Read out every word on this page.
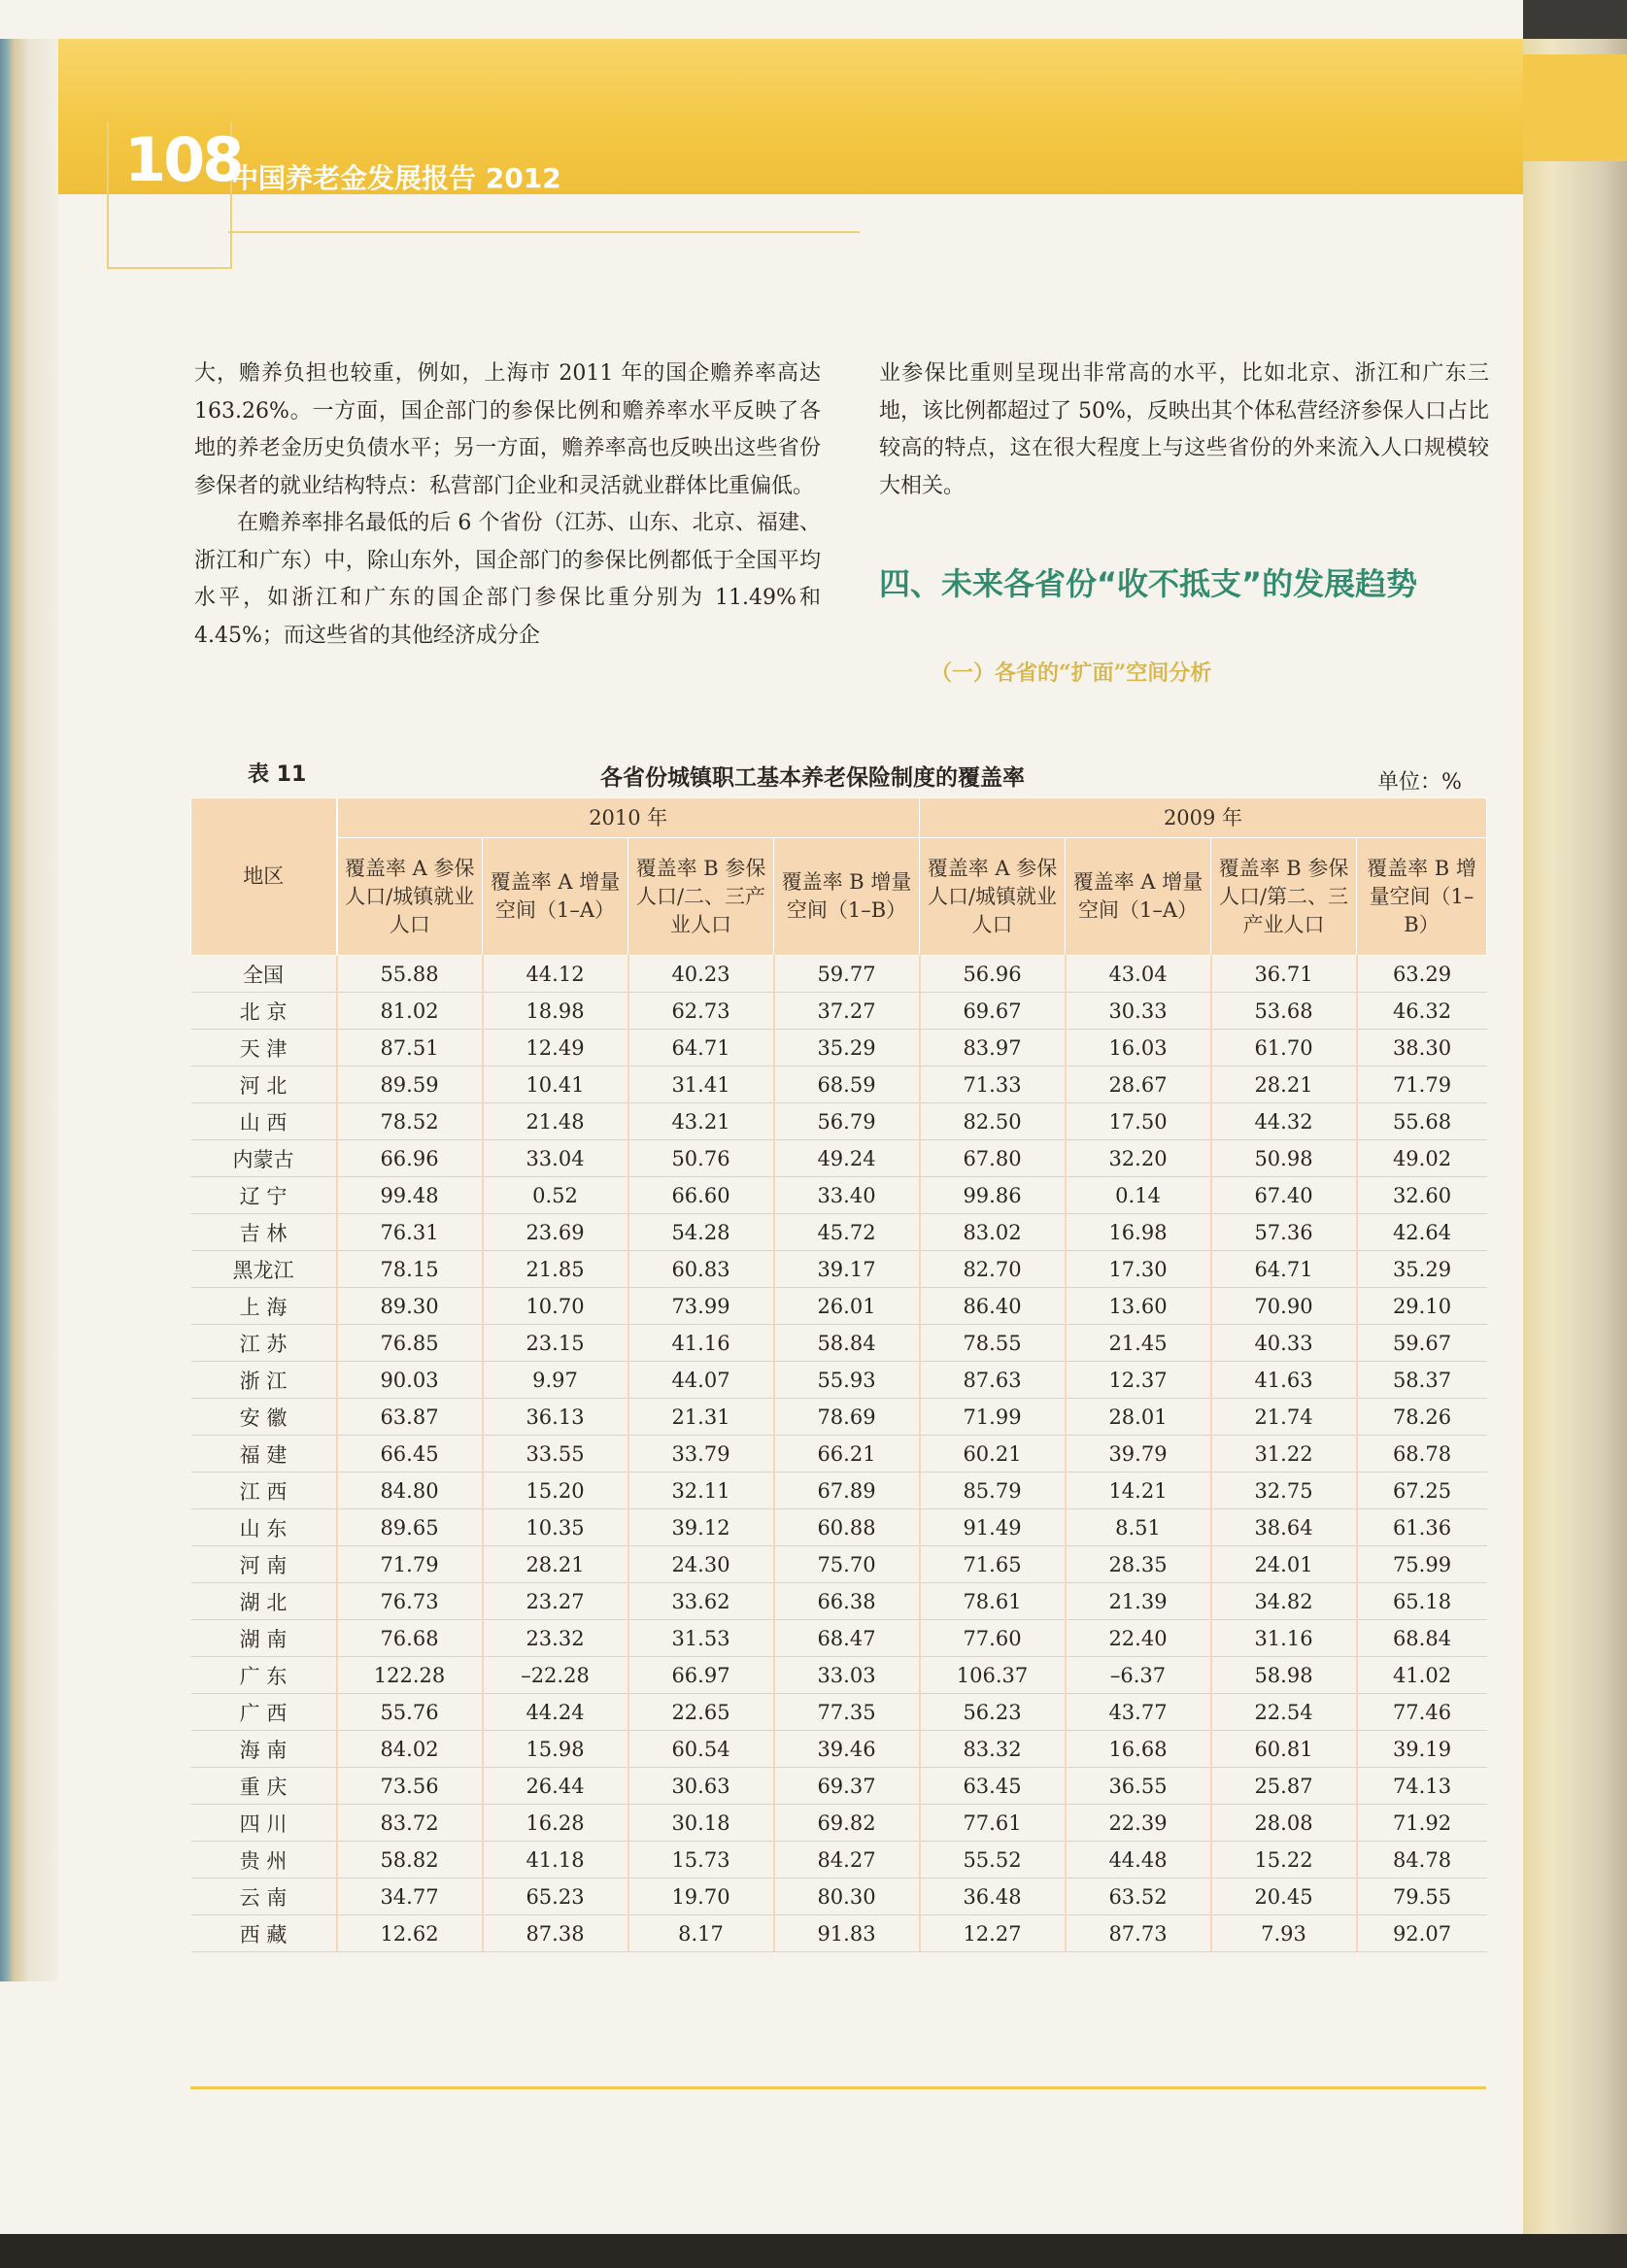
108
中国养老金发展报告 2012

大，赡养负担也较重，例如，上海市 2011 年的国企赡养率高达 163.26%。一方面，国企部门的参保比例和赡养率水平反映了各地的养老金历史负债水平；另一方面，赡养率高也反映出这些省份参保者的就业结构特点：私营部门企业和灵活就业群体比重偏低。

在赡养率排名最低的后 6 个省份（江苏、山东、北京、福建、浙江和广东）中，除山东外，国企部门的参保比例都低于全国平均水平，如浙江和广东的国企部门参保比重分别为 11.49%和 4.45%；而这些省的其他经济成分企

业参保比重则呈现出非常高的水平，比如北京、浙江和广东三地，该比例都超过了 50%，反映出其个体私营经济参保人口占比较高的特点，这在很大程度上与这些省份的外来流入人口规模较大相关。

四、未来各省份“收不抵支”的发展趋势
（一）各省的“扩面”空间分析
表 11	各省份城镇职工基本养老保险制度的覆盖率	单位：%
地区	2010 年				2009 年			
	覆盖率 A 参保人口/城镇就业人口	覆盖率 A 增量空间（1–A）	覆盖率 B 参保人口/二、三产业人口	覆盖率 B 增量空间（1–B）	覆盖率 A 参保人口/城镇就业人口	覆盖率 A 增量空间（1–A）	覆盖率 B 参保人口/第二、三产业人口	覆盖率 B 增量空间（1–B）
全国	55.88	44.12	40.23	59.77	56.96	43.04	36.71	63.29
北 京	81.02	18.98	62.73	37.27	69.67	30.33	53.68	46.32
天 津	87.51	12.49	64.71	35.29	83.97	16.03	61.70	38.30
河 北	89.59	10.41	31.41	68.59	71.33	28.67	28.21	71.79
山 西	78.52	21.48	43.21	56.79	82.50	17.50	44.32	55.68
内蒙古	66.96	33.04	50.76	49.24	67.80	32.20	50.98	49.02
辽 宁	99.48	0.52	66.60	33.40	99.86	0.14	67.40	32.60
吉 林	76.31	23.69	54.28	45.72	83.02	16.98	57.36	42.64
黑龙江	78.15	21.85	60.83	39.17	82.70	17.30	64.71	35.29
上 海	89.30	10.70	73.99	26.01	86.40	13.60	70.90	29.10
江 苏	76.85	23.15	41.16	58.84	78.55	21.45	40.33	59.67
浙 江	90.03	9.97	44.07	55.93	87.63	12.37	41.63	58.37
安 徽	63.87	36.13	21.31	78.69	71.99	28.01	21.74	78.26
福 建	66.45	33.55	33.79	66.21	60.21	39.79	31.22	68.78
江 西	84.80	15.20	32.11	67.89	85.79	14.21	32.75	67.25
山 东	89.65	10.35	39.12	60.88	91.49	8.51	38.64	61.36
河 南	71.79	28.21	24.30	75.70	71.65	28.35	24.01	75.99
湖 北	76.73	23.27	33.62	66.38	78.61	21.39	34.82	65.18
湖 南	76.68	23.32	31.53	68.47	77.60	22.40	31.16	68.84
广 东	122.28	–22.28	66.97	33.03	106.37	–6.37	58.98	41.02
广 西	55.76	44.24	22.65	77.35	56.23	43.77	22.54	77.46
海 南	84.02	15.98	60.54	39.46	83.32	16.68	60.81	39.19
重 庆	73.56	26.44	30.63	69.37	63.45	36.55	25.87	74.13
四 川	83.72	16.28	30.18	69.82	77.61	22.39	28.08	71.92
贵 州	58.82	41.18	15.73	84.27	55.52	44.48	15.22	84.78
云 南	34.77	65.23	19.70	80.30	36.48	63.52	20.45	79.55
西 藏	12.62	87.38	8.17	91.83	12.27	87.73	7.93	92.07
